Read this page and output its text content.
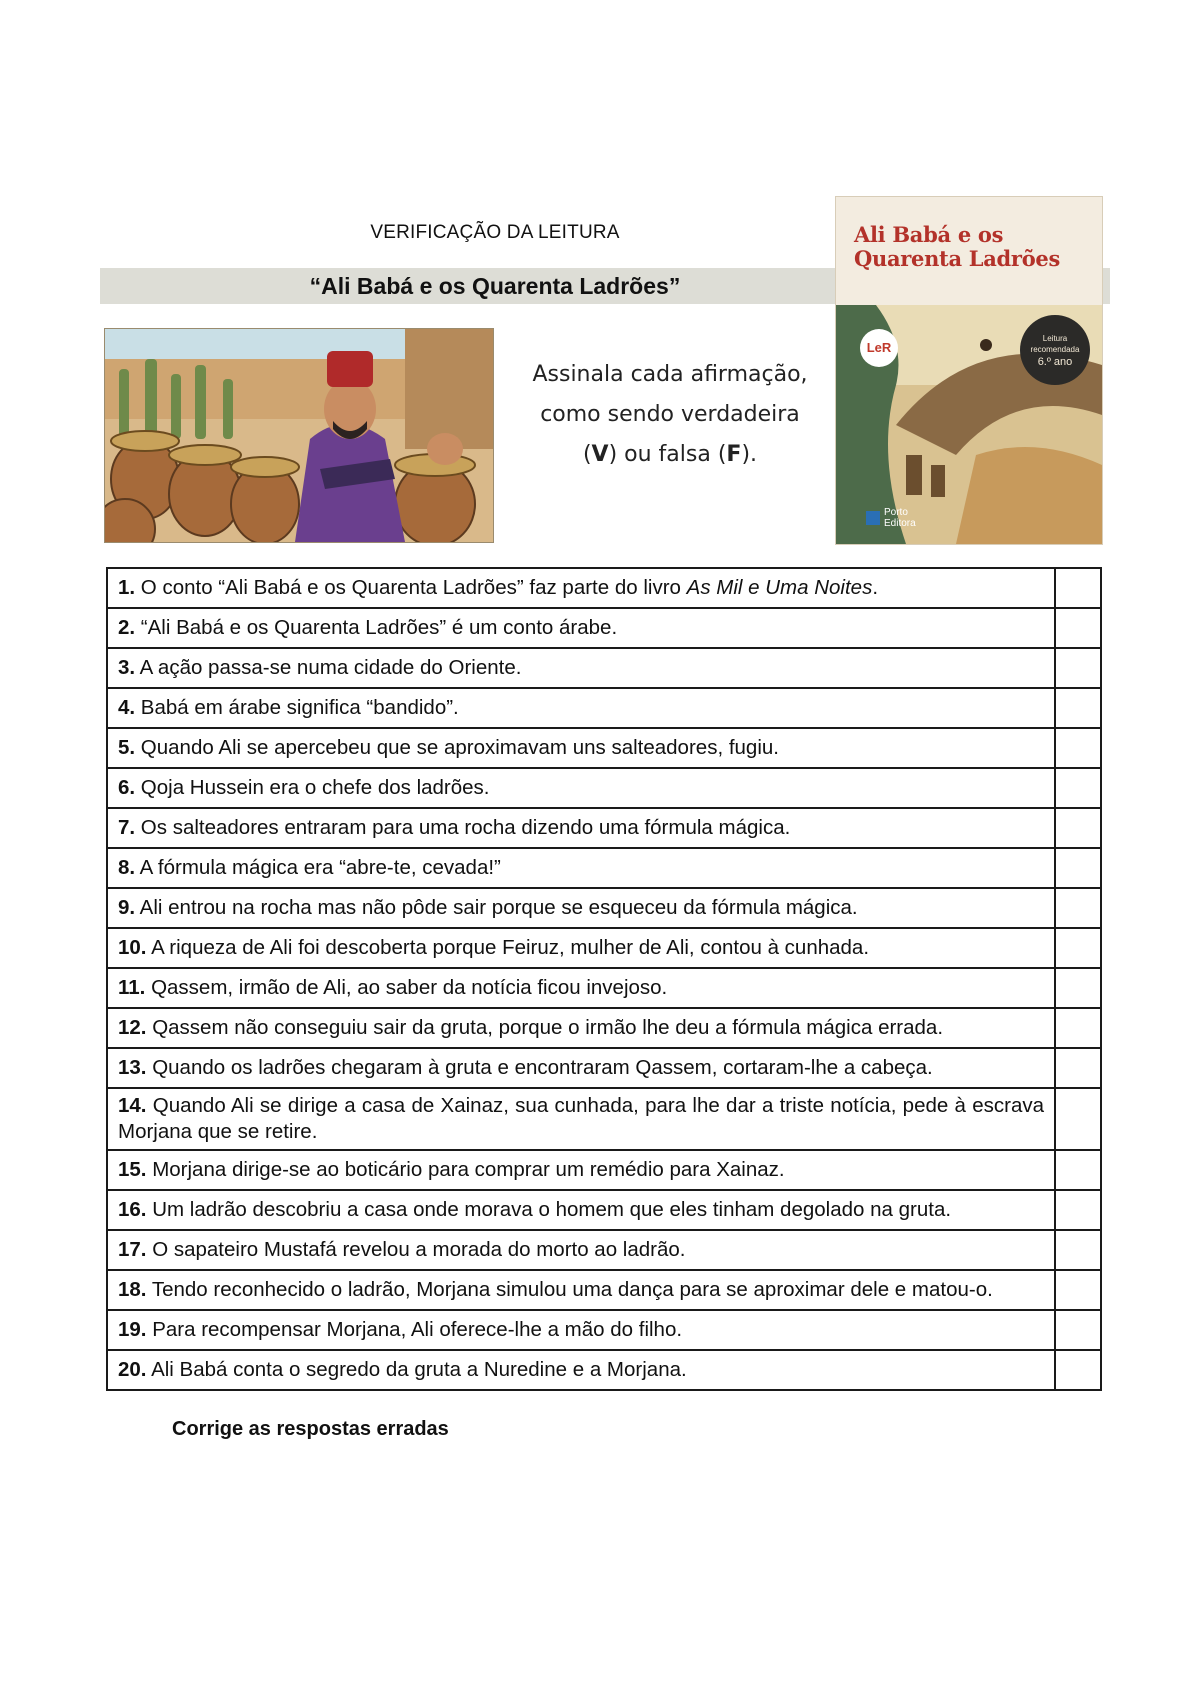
VERIFICAÇÃO DA LEITURA
“Ali Babá e os Quarenta Ladrões”
Assinala cada afirmação,
como sendo verdadeira
(V) ou falsa (F).
Ali Babá e os
Quarenta Ladrões
LeR
Leitura
recomendada
6.º ano
Porto
Editora
1. O conto “Ali Babá e os Quarenta Ladrões” faz parte do livro As Mil e Uma Noites.	
2. “Ali Babá e os Quarenta Ladrões” é um conto árabe.	
3. A ação passa-se numa cidade do Oriente.	
4. Babá em árabe significa “bandido”.	
5. Quando Ali se apercebeu que se aproximavam uns salteadores, fugiu.	
6. Qoja Hussein era o chefe dos ladrões.	
7. Os salteadores entraram para uma rocha dizendo uma fórmula mágica.	
8. A fórmula mágica era “abre-te, cevada!”	
9. Ali entrou na rocha mas não pôde sair porque se esqueceu da fórmula mágica.	
10. A riqueza de Ali foi descoberta porque Feiruz, mulher de Ali, contou à cunhada.	
11. Qassem, irmão de Ali, ao saber da notícia ficou invejoso.	
12. Qassem não conseguiu sair da gruta, porque o irmão lhe deu a fórmula mágica errada.	
13. Quando os ladrões chegaram à gruta e encontraram Qassem, cortaram-lhe a cabeça.	
14. Quando Ali se dirige a casa de Xainaz, sua cunhada, para lhe dar a triste notícia, pede à escrava Morjana que se retire.	
15. Morjana dirige-se ao boticário para comprar um remédio para Xainaz.	
16. Um ladrão descobriu a casa onde morava o homem que eles tinham degolado na gruta.	
17. O sapateiro Mustafá revelou a morada do morto ao ladrão.	
18. Tendo reconhecido o ladrão, Morjana simulou uma dança para se aproximar dele e matou-o.	
19. Para recompensar Morjana, Ali oferece-lhe a mão do filho.	
20. Ali Babá conta o segredo da gruta a Nuredine e a Morjana.	
Corrige as respostas erradas
